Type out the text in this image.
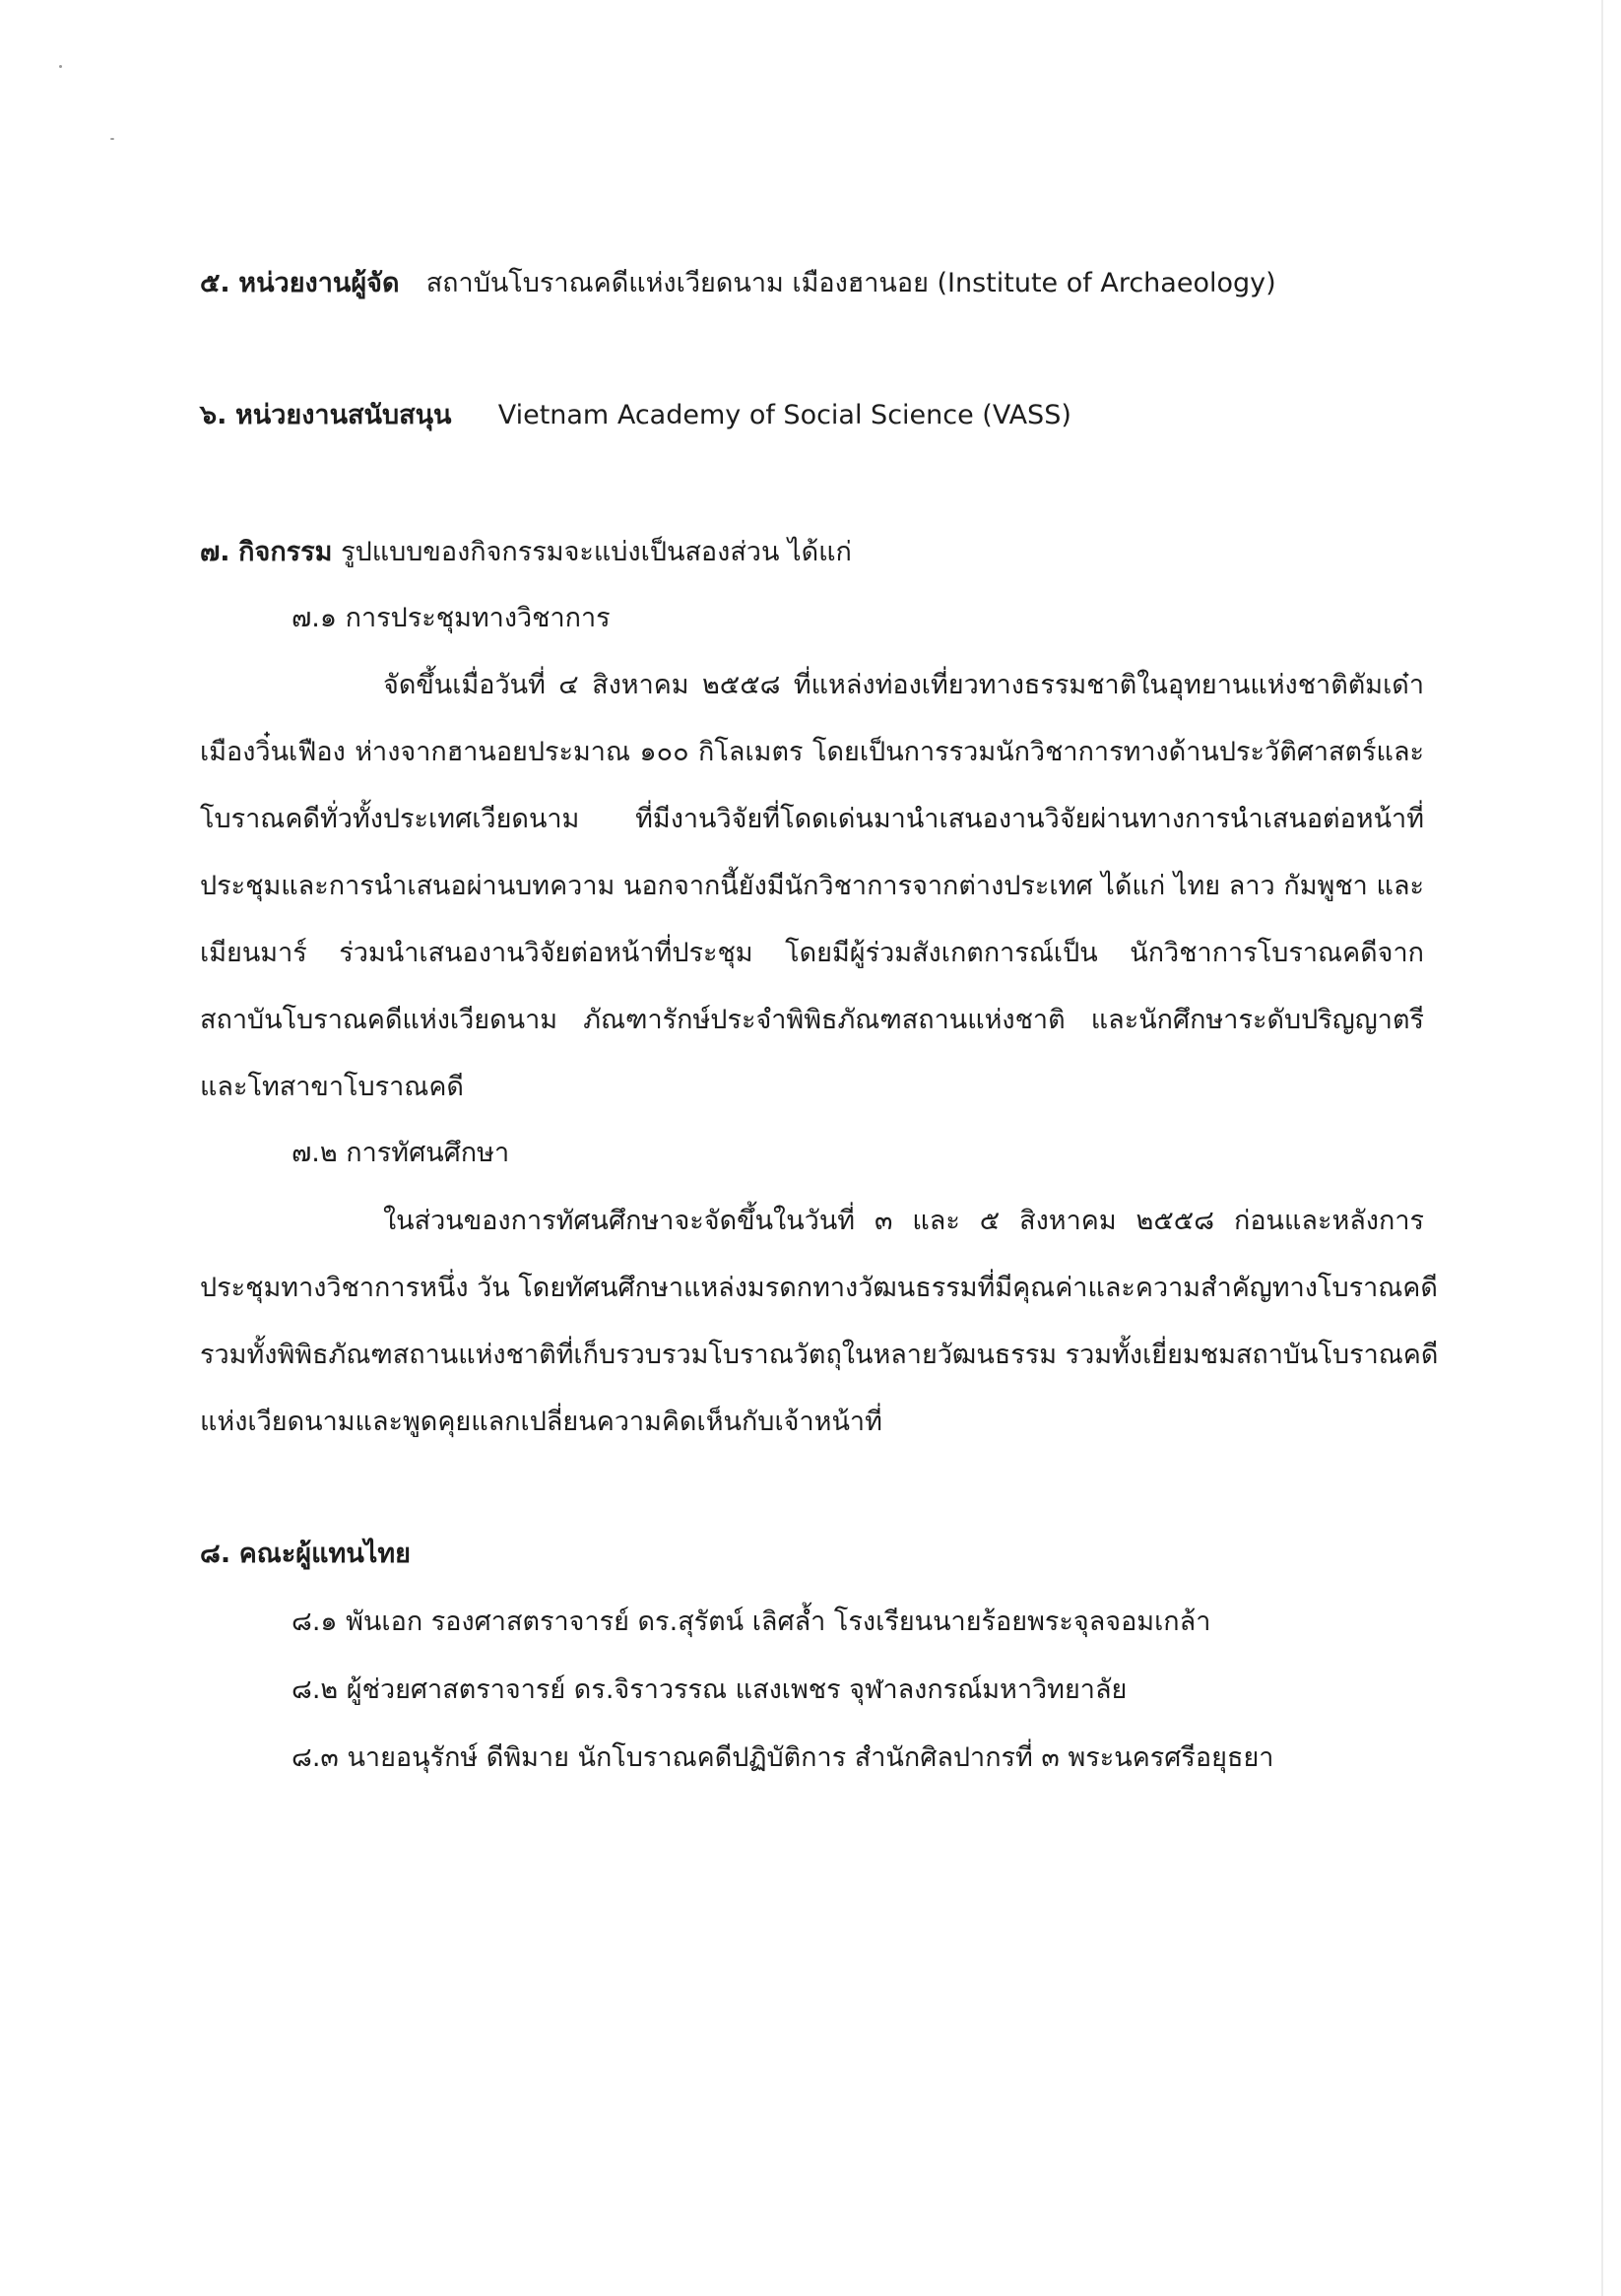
๕. หน่วยงานผู้จัด สถาบันโบราณคดีแห่งเวียดนาม เมืองฮานอย (Institute of Archaeology)
๖. หน่วยงานสนับสนุน Vietnam Academy of Social Science (VASS)
๗. กิจกรรม รูปแบบของกิจกรรมจะแบ่งเป็นสองส่วน ได้แก่
๗.๑ การประชุมทางวิชาการ
จัดขึ้นเมื่อวันที่ ๔ สิงหาคม ๒๕๕๘ ที่แหล่งท่องเที่ยวทางธรรมชาติในอุทยานแห่งชาติตัมเด๋า
เมืองวิ๋นเฟือง ห่างจากฮานอยประมาณ ๑๐๐ กิโลเมตร โดยเป็นการรวมนักวิชาการทางด้านประวัติศาสตร์และ
โบราณคดีทั่วทั้งประเทศเวียดนาม ที่มีงานวิจัยที่โดดเด่นมานำเสนองานวิจัยผ่านทางการนำเสนอต่อหน้าที่
ประชุมและการนำเสนอผ่านบทความ นอกจากนี้ยังมีนักวิชาการจากต่างประเทศ ได้แก่ ไทย ลาว กัมพูชา และ
เมียนมาร์ ร่วมนำเสนองานวิจัยต่อหน้าที่ประชุม โดยมีผู้ร่วมสังเกตการณ์เป็น นักวิชาการโบราณคดีจาก
สถาบันโบราณคดีแห่งเวียดนาม ภัณฑารักษ์ประจำพิพิธภัณฑสถานแห่งชาติ และนักศึกษาระดับปริญญาตรี
และโทสาขาโบราณคดี
๗.๒ การทัศนศึกษา
ในส่วนของการทัศนศึกษาจะจัดขึ้นในวันที่ ๓ และ ๕ สิงหาคม ๒๕๕๘ ก่อนและหลังการ
ประชุมทางวิชาการหนึ่ง วัน โดยทัศนศึกษาแหล่งมรดกทางวัฒนธรรมที่มีคุณค่าและความสำคัญทางโบราณคดี
รวมทั้งพิพิธภัณฑสถานแห่งชาติที่เก็บรวบรวมโบราณวัตถุในหลายวัฒนธรรม รวมทั้งเยี่ยมชมสถาบันโบราณคดี
แห่งเวียดนามและพูดคุยแลกเปลี่ยนความคิดเห็นกับเจ้าหน้าที่
๘. คณะผู้แทนไทย
๘.๑ พันเอก รองศาสตราจารย์ ดร.สุรัตน์ เลิศล้ำ โรงเรียนนายร้อยพระจุลจอมเกล้า
๘.๒ ผู้ช่วยศาสตราจารย์ ดร.จิราวรรณ แสงเพชร จุฬาลงกรณ์มหาวิทยาลัย
๘.๓ นายอนุรักษ์ ดีพิมาย นักโบราณคดีปฏิบัติการ สำนักศิลปากรที่ ๓ พระนครศรีอยุธยา
